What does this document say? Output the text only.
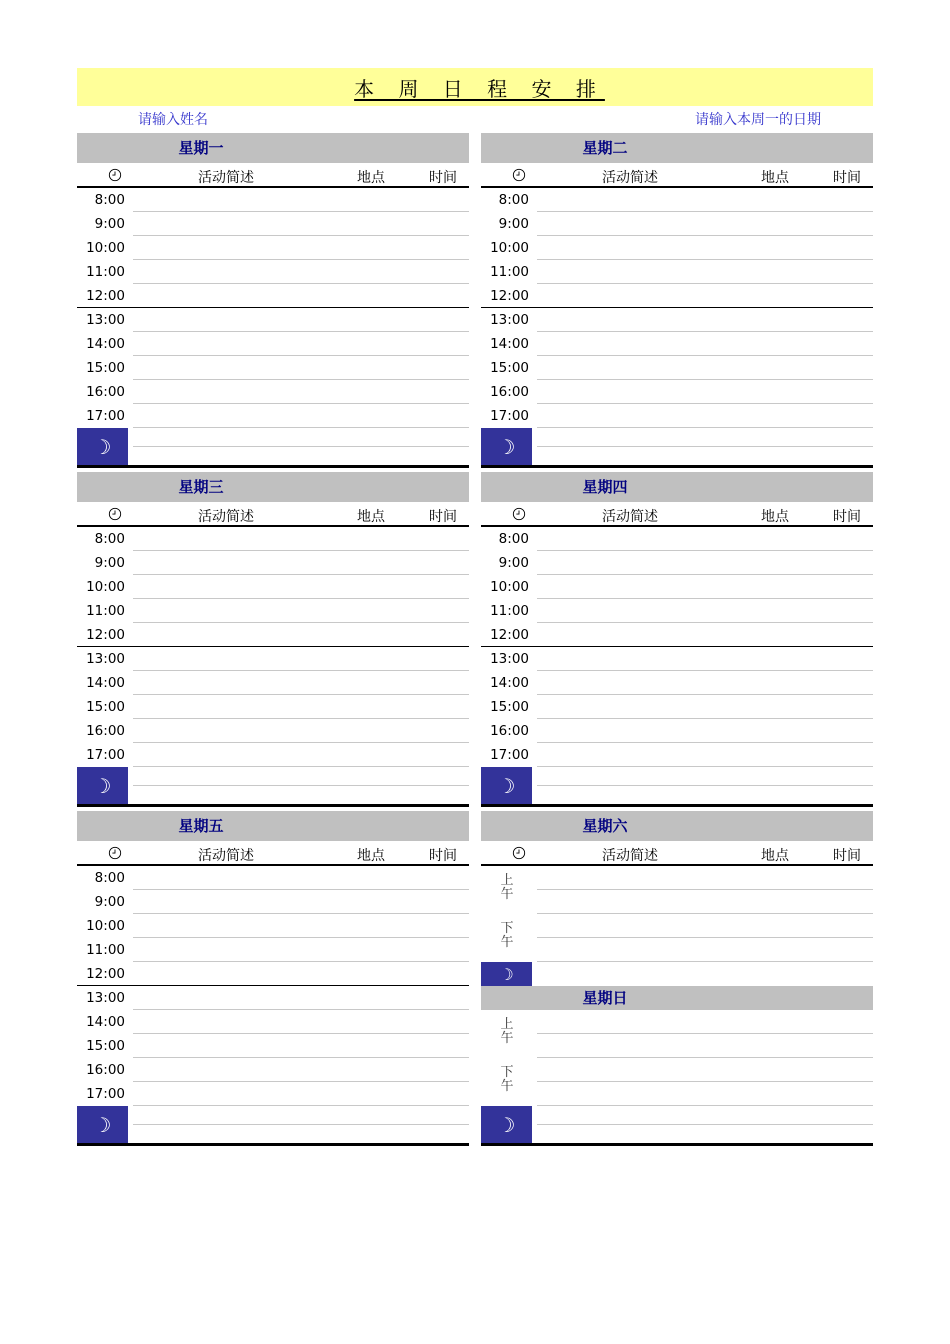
本 周 日 程 安 排
请输入姓名	请输入本周一的日期
星期一
活动简述	地点	时间
8:00
9:00
10:00
11:00
12:00
13:00
14:00
15:00
16:00
17:00
☽
星期二
活动简述	地点	时间
8:00
9:00
10:00
11:00
12:00
13:00
14:00
15:00
16:00
17:00
☽
星期三
活动简述	地点	时间
8:00
9:00
10:00
11:00
12:00
13:00
14:00
15:00
16:00
17:00
☽
星期四
活动简述	地点	时间
8:00
9:00
10:00
11:00
12:00
13:00
14:00
15:00
16:00
17:00
☽
星期五
活动简述	地点	时间
8:00
9:00
10:00
11:00
12:00
13:00
14:00
15:00
16:00
17:00
☽
星期六
活动简述	地点	时间
上午
下午
☽
星期日
上午
下午
☽
